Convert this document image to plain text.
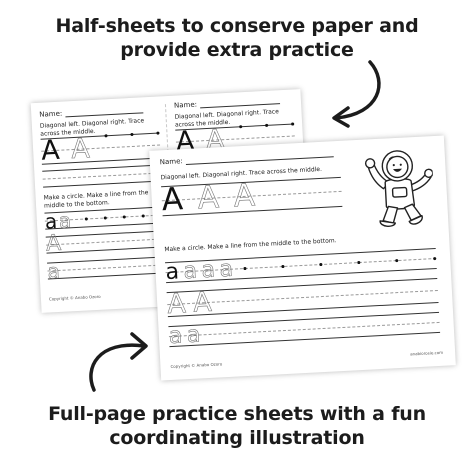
Half-sheets to conserve paper and
provide extra practice
Name:
Diagonal left. Diagonal right. Trace across the middle.
A A
Make a circle. Make a line from the middle to the bottom.
a a
A
a
Copyright © Anabo Ozoro
Name:
Diagonal left. Diagonal right. Trace across the middle.
A A
Name:
Diagonal left. Diagonal right. Trace across the middle.
A A A
Make a circle. Make a line from the middle to the bottom.
a a a a
A A
a a
Copyright © Anabo Ozoro
anabiorosie.com
Full-page practice sheets with a fun
coordinating illustration
